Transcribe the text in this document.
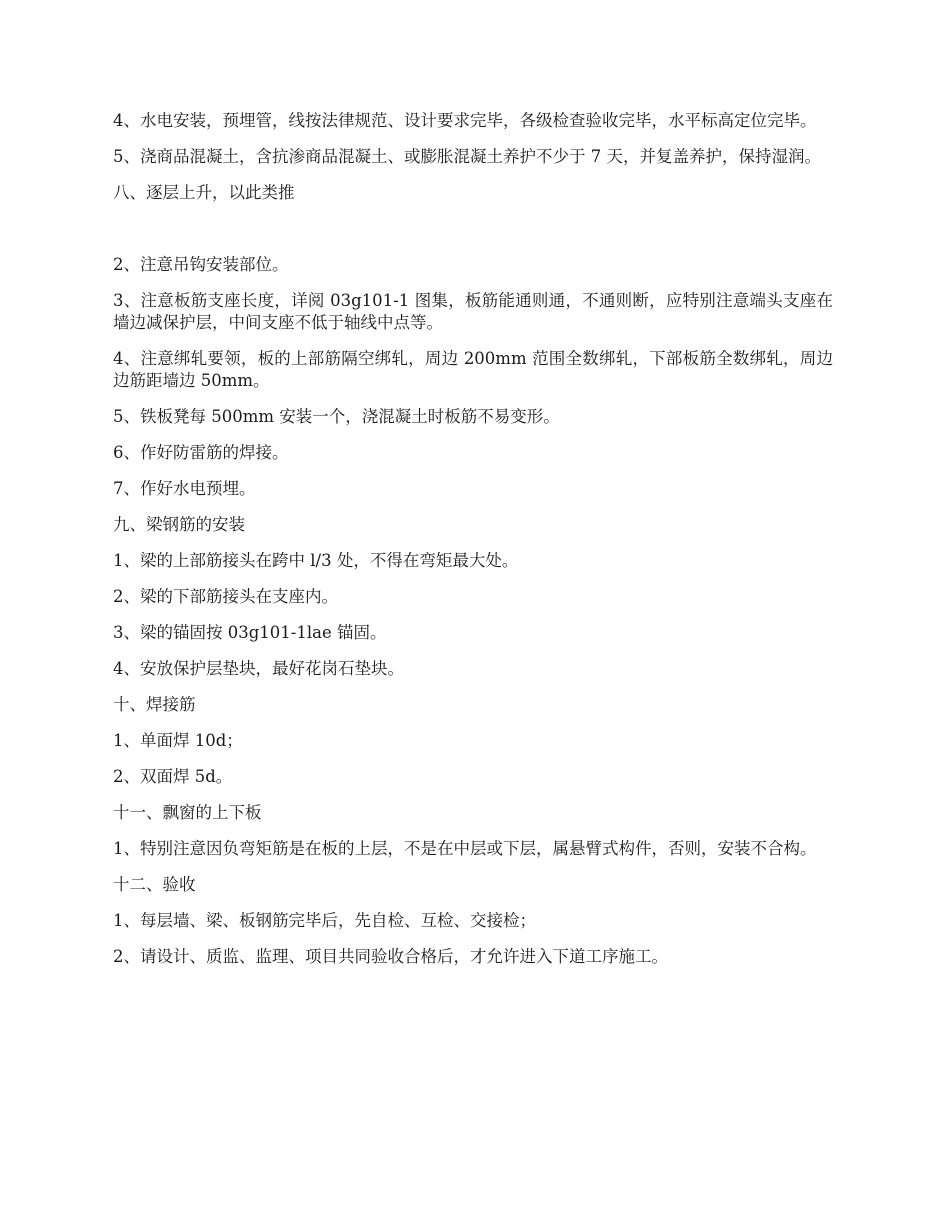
4、水电安装，预埋管，线按法律规范、设计要求完毕，各级检查验收完毕，水平标高定位完毕。

5、浇商品混凝土，含抗渗商品混凝土、或膨胀混凝土养护不少于 7 天，并复盖养护，保持湿润。

八、逐层上升，以此类推

2、注意吊钩安装部位。

3、注意板筋支座长度，详阅 03g101-1 图集，板筋能通则通，不通则断，应特别注意端头支座在墙边减保护层，中间支座不低于轴线中点等。

4、注意绑轧要领，板的上部筋隔空绑轧，周边 200mm 范围全数绑轧，下部板筋全数绑轧，周边边筋距墙边 50mm。

5、铁板凳每 500mm 安装一个，浇混凝土时板筋不易变形。

6、作好防雷筋的焊接。

7、作好水电预埋。

九、梁钢筋的安装

1、梁的上部筋接头在跨中 l/3 处，不得在弯矩最大处。

2、梁的下部筋接头在支座内。

3、梁的锚固按 03g101-1lae 锚固。

4、安放保护层垫块，最好花岗石垫块。

十、焊接筋

1、单面焊 10d；

2、双面焊 5d。

十一、飘窗的上下板

1、特别注意因负弯矩筋是在板的上层，不是在中层或下层，属悬臂式构件，否则，安装不合构。

十二、验收

1、每层墙、梁、板钢筋完毕后，先自检、互检、交接检；

2、请设计、质监、监理、项目共同验收合格后，才允许进入下道工序施工。
